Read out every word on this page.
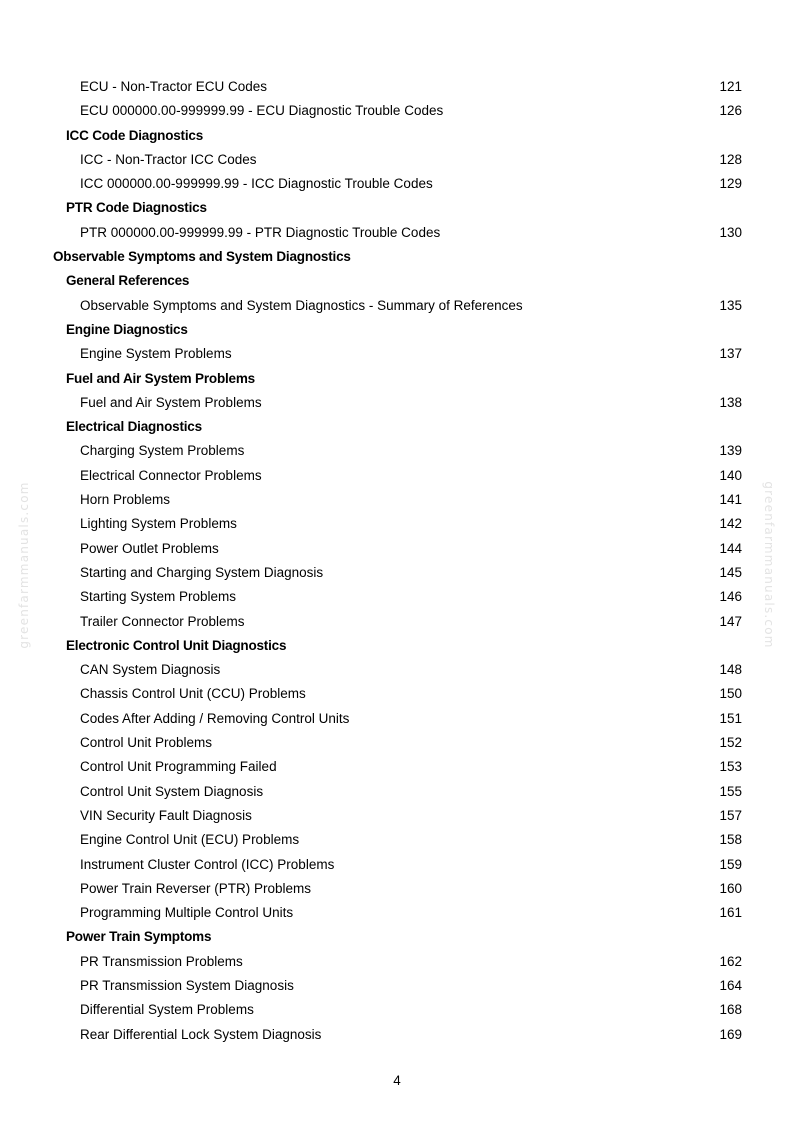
greenfarmmanuals.com	greenfarmmanuals.com
ECU - Non-Tractor ECU Codes	121
ECU 000000.00-999999.99 - ECU Diagnostic Trouble Codes	126
ICC Code Diagnostics
ICC - Non-Tractor ICC Codes	128
ICC 000000.00-999999.99 - ICC Diagnostic Trouble Codes	129
PTR Code Diagnostics
PTR 000000.00-999999.99 - PTR Diagnostic Trouble Codes	130
Observable Symptoms and System Diagnostics
General References
Observable Symptoms and System Diagnostics - Summary of References	135
Engine Diagnostics
Engine System Problems	137
Fuel and Air System Problems
Fuel and Air System Problems	138
Electrical Diagnostics
Charging System Problems	139
Electrical Connector Problems	140
Horn Problems	141
Lighting System Problems	142
Power Outlet Problems	144
Starting and Charging System Diagnosis	145
Starting System Problems	146
Trailer Connector Problems	147
Electronic Control Unit Diagnostics
CAN System Diagnosis	148
Chassis Control Unit (CCU) Problems	150
Codes After Adding / Removing Control Units	151
Control Unit Problems	152
Control Unit Programming Failed	153
Control Unit System Diagnosis	155
VIN Security Fault Diagnosis	157
Engine Control Unit (ECU) Problems	158
Instrument Cluster Control (ICC) Problems	159
Power Train Reverser (PTR) Problems	160
Programming Multiple Control Units	161
Power Train Symptoms
PR Transmission Problems	162
PR Transmission System Diagnosis	164
Differential System Problems	168
Rear Differential Lock System Diagnosis	169
4
